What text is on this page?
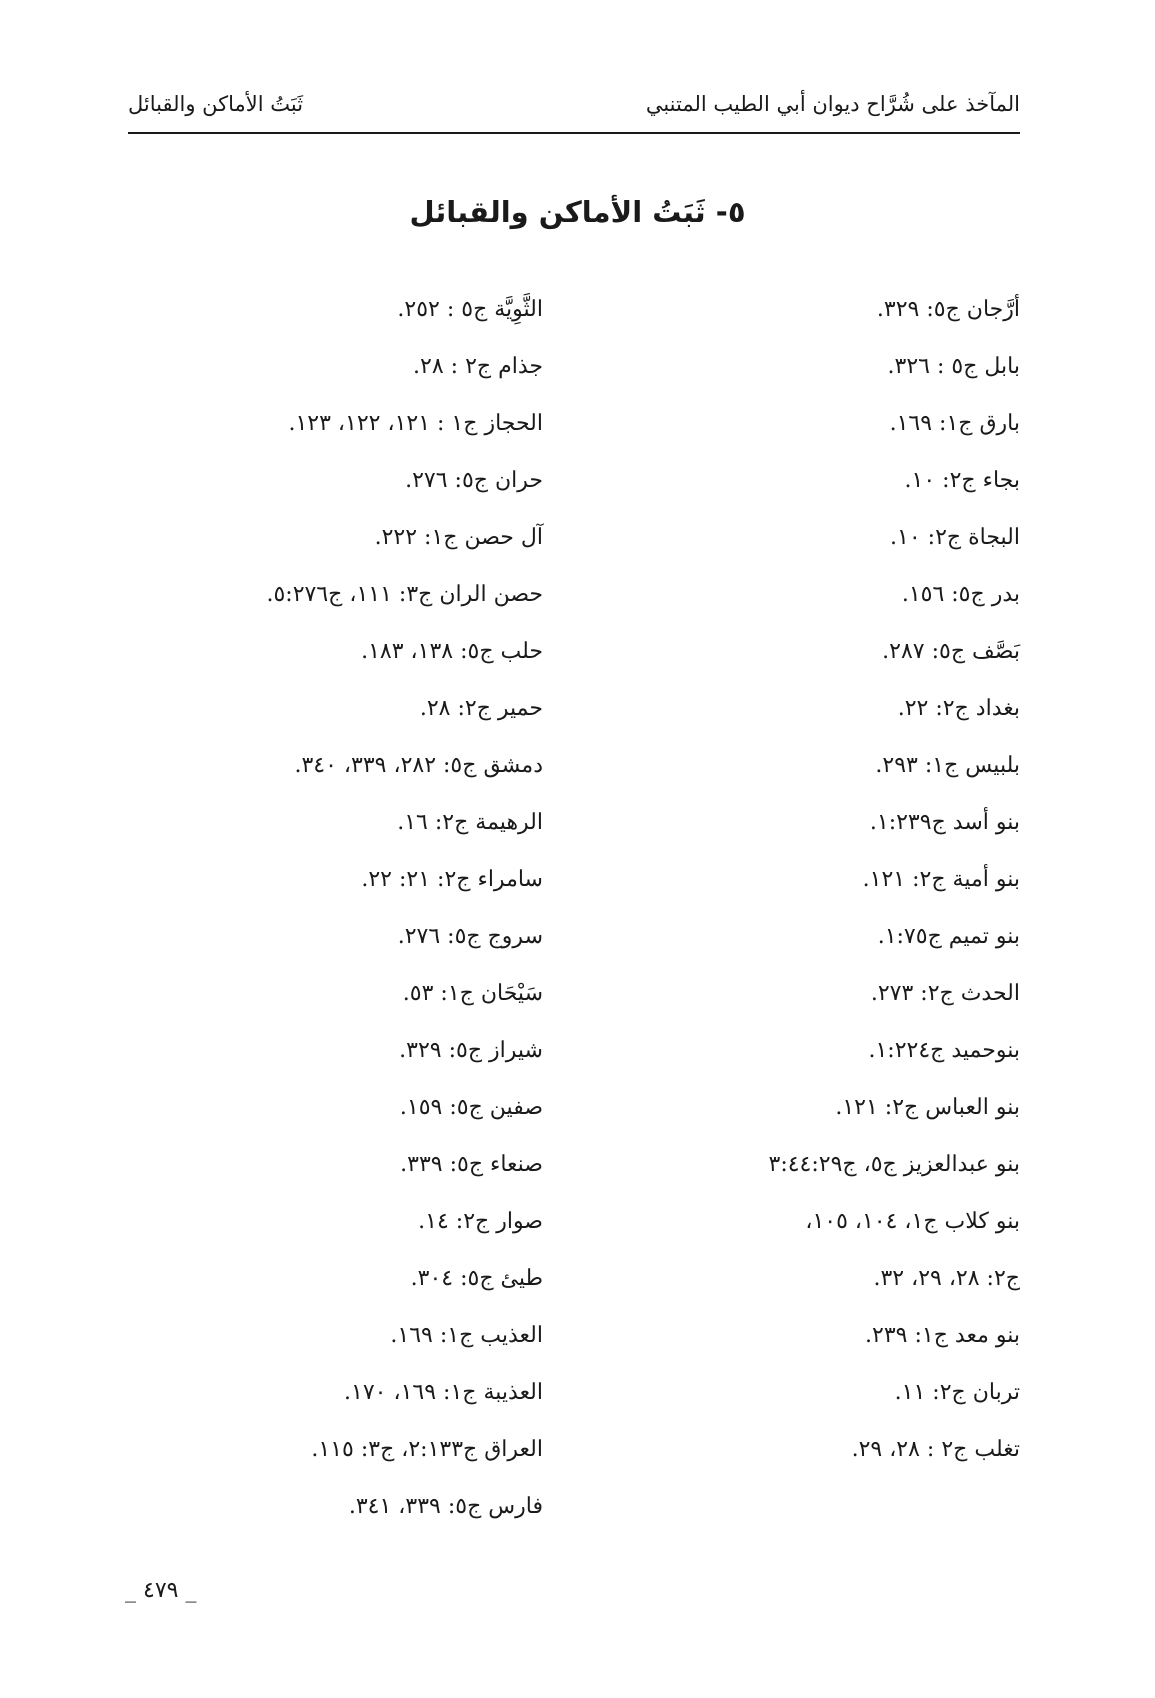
المآخذ على شُرَّاح ديوان أبي الطيب المتنبي
ثَبَتُ الأماكن والقبائل
٥- ثَبَتُ الأماكن والقبائل
أرَّجان ج٥: ٣٢٩.
بابل ج٥ : ٣٢٦.
بارق ج١: ١٦٩.
بجاء ج٢: ١٠.
البجاة ج٢: ١٠.
بدر ج٥: ١٥٦.
بَصَّف ج٥: ٢٨٧.
بغداد ج٢: ٢٢.
بلبيس ج١: ٢٩٣.
بنو أسد ج١:٢٣٩.
بنو أمية ج٢: ١٢١.
بنو تميم ج١:٧٥.
الحدث ج٢: ٢٧٣.
بنوحميد ج١:٢٢٤.
بنو العباس ج٢: ١٢١.
بنو عبدالعزيز ج٥، ج٣:٤٤:٢٩
بنو كلاب ج١، ١٠٤، ١٠٥،
ج٢: ٢٨، ٢٩، ٣٢.
بنو معد ج١: ٢٣٩.
تربان ج٢: ١١.
تغلب ج٢ : ٢٨، ٢٩.
الثَّوِيَّة ج٥ : ٢٥٢.
جذام ج٢ : ٢٨.
الحجاز ج١ : ١٢١، ١٢٢، ١٢٣.
حران ج٥: ٢٧٦.
آل حصن ج١: ٢٢٢.
حصن الران ج٣: ١١١، ج٥:٢٧٦.
حلب ج٥: ١٣٨، ١٨٣.
حمير ج٢: ٢٨.
دمشق ج٥: ٢٨٢، ٣٣٩، ٣٤٠.
الرهيمة ج٢: ١٦.
سامراء ج٢: ٢١: ٢٢.
سروج ج٥: ٢٧٦.
سَيْحَان ج١: ٥٣.
شيراز ج٥: ٣٢٩.
صفين ج٥: ١٥٩.
صنعاء ج٥: ٣٣٩.
صوار ج٢: ١٤.
طيئ ج٥: ٣٠٤.
العذيب ج١: ١٦٩.
العذيبة ج١: ١٦٩، ١٧٠.
العراق ج٢:١٣٣، ج٣: ١١٥.
فارس ج٥: ٣٣٩، ٣٤١.
_ ٤٧٩ _
